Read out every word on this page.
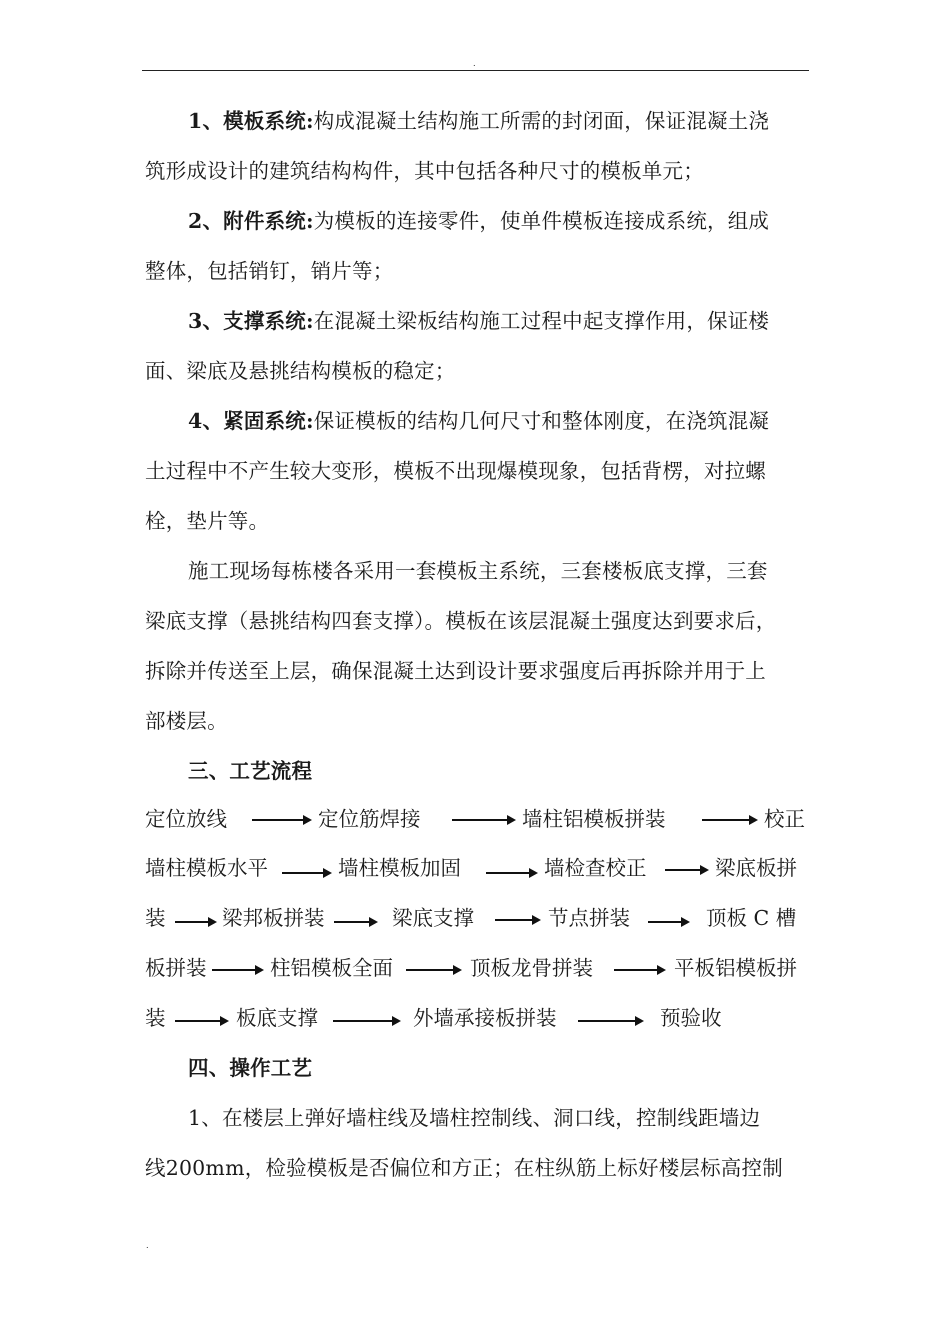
.
1、模板系统:构成混凝土结构施工所需的封闭面，保证混凝土浇
筑形成设计的建筑结构构件，其中包括各种尺寸的模板单元；
2、附件系统:为模板的连接零件，使单件模板连接成系统，组成
整体，包括销钉，销片等；
3、支撑系统:在混凝土梁板结构施工过程中起支撑作用，保证楼
面、梁底及悬挑结构模板的稳定；
4、紧固系统:保证模板的结构几何尺寸和整体刚度，在浇筑混凝
土过程中不产生较大变形，模板不出现爆模现象，包括背楞，对拉螺
栓，垫片等。
施工现场每栋楼各采用一套模板主系统，三套楼板底支撑，三套
梁底支撑（悬挑结构四套支撑）。模板在该层混凝土强度达到要求后，
拆除并传送至上层，确保混凝土达到设计要求强度后再拆除并用于上
部楼层。
三、工艺流程
定位放线	定位筋焊接	墙柱铝模板拼装	校正
墙柱模板水平	墙柱模板加固	墙检查校正	梁底板拼
装	梁邦板拼装	梁底支撑	节点拼装	顶板 C 槽
板拼装	柱铝模板全面	顶板龙骨拼装	平板铝模板拼
装	板底支撑	外墙承接板拼装	预验收
四、操作工艺
1、在楼层上弹好墙柱线及墙柱控制线、洞口线，控制线距墙边
线200mm，检验模板是否偏位和方正；在柱纵筋上标好楼层标高控制
.
